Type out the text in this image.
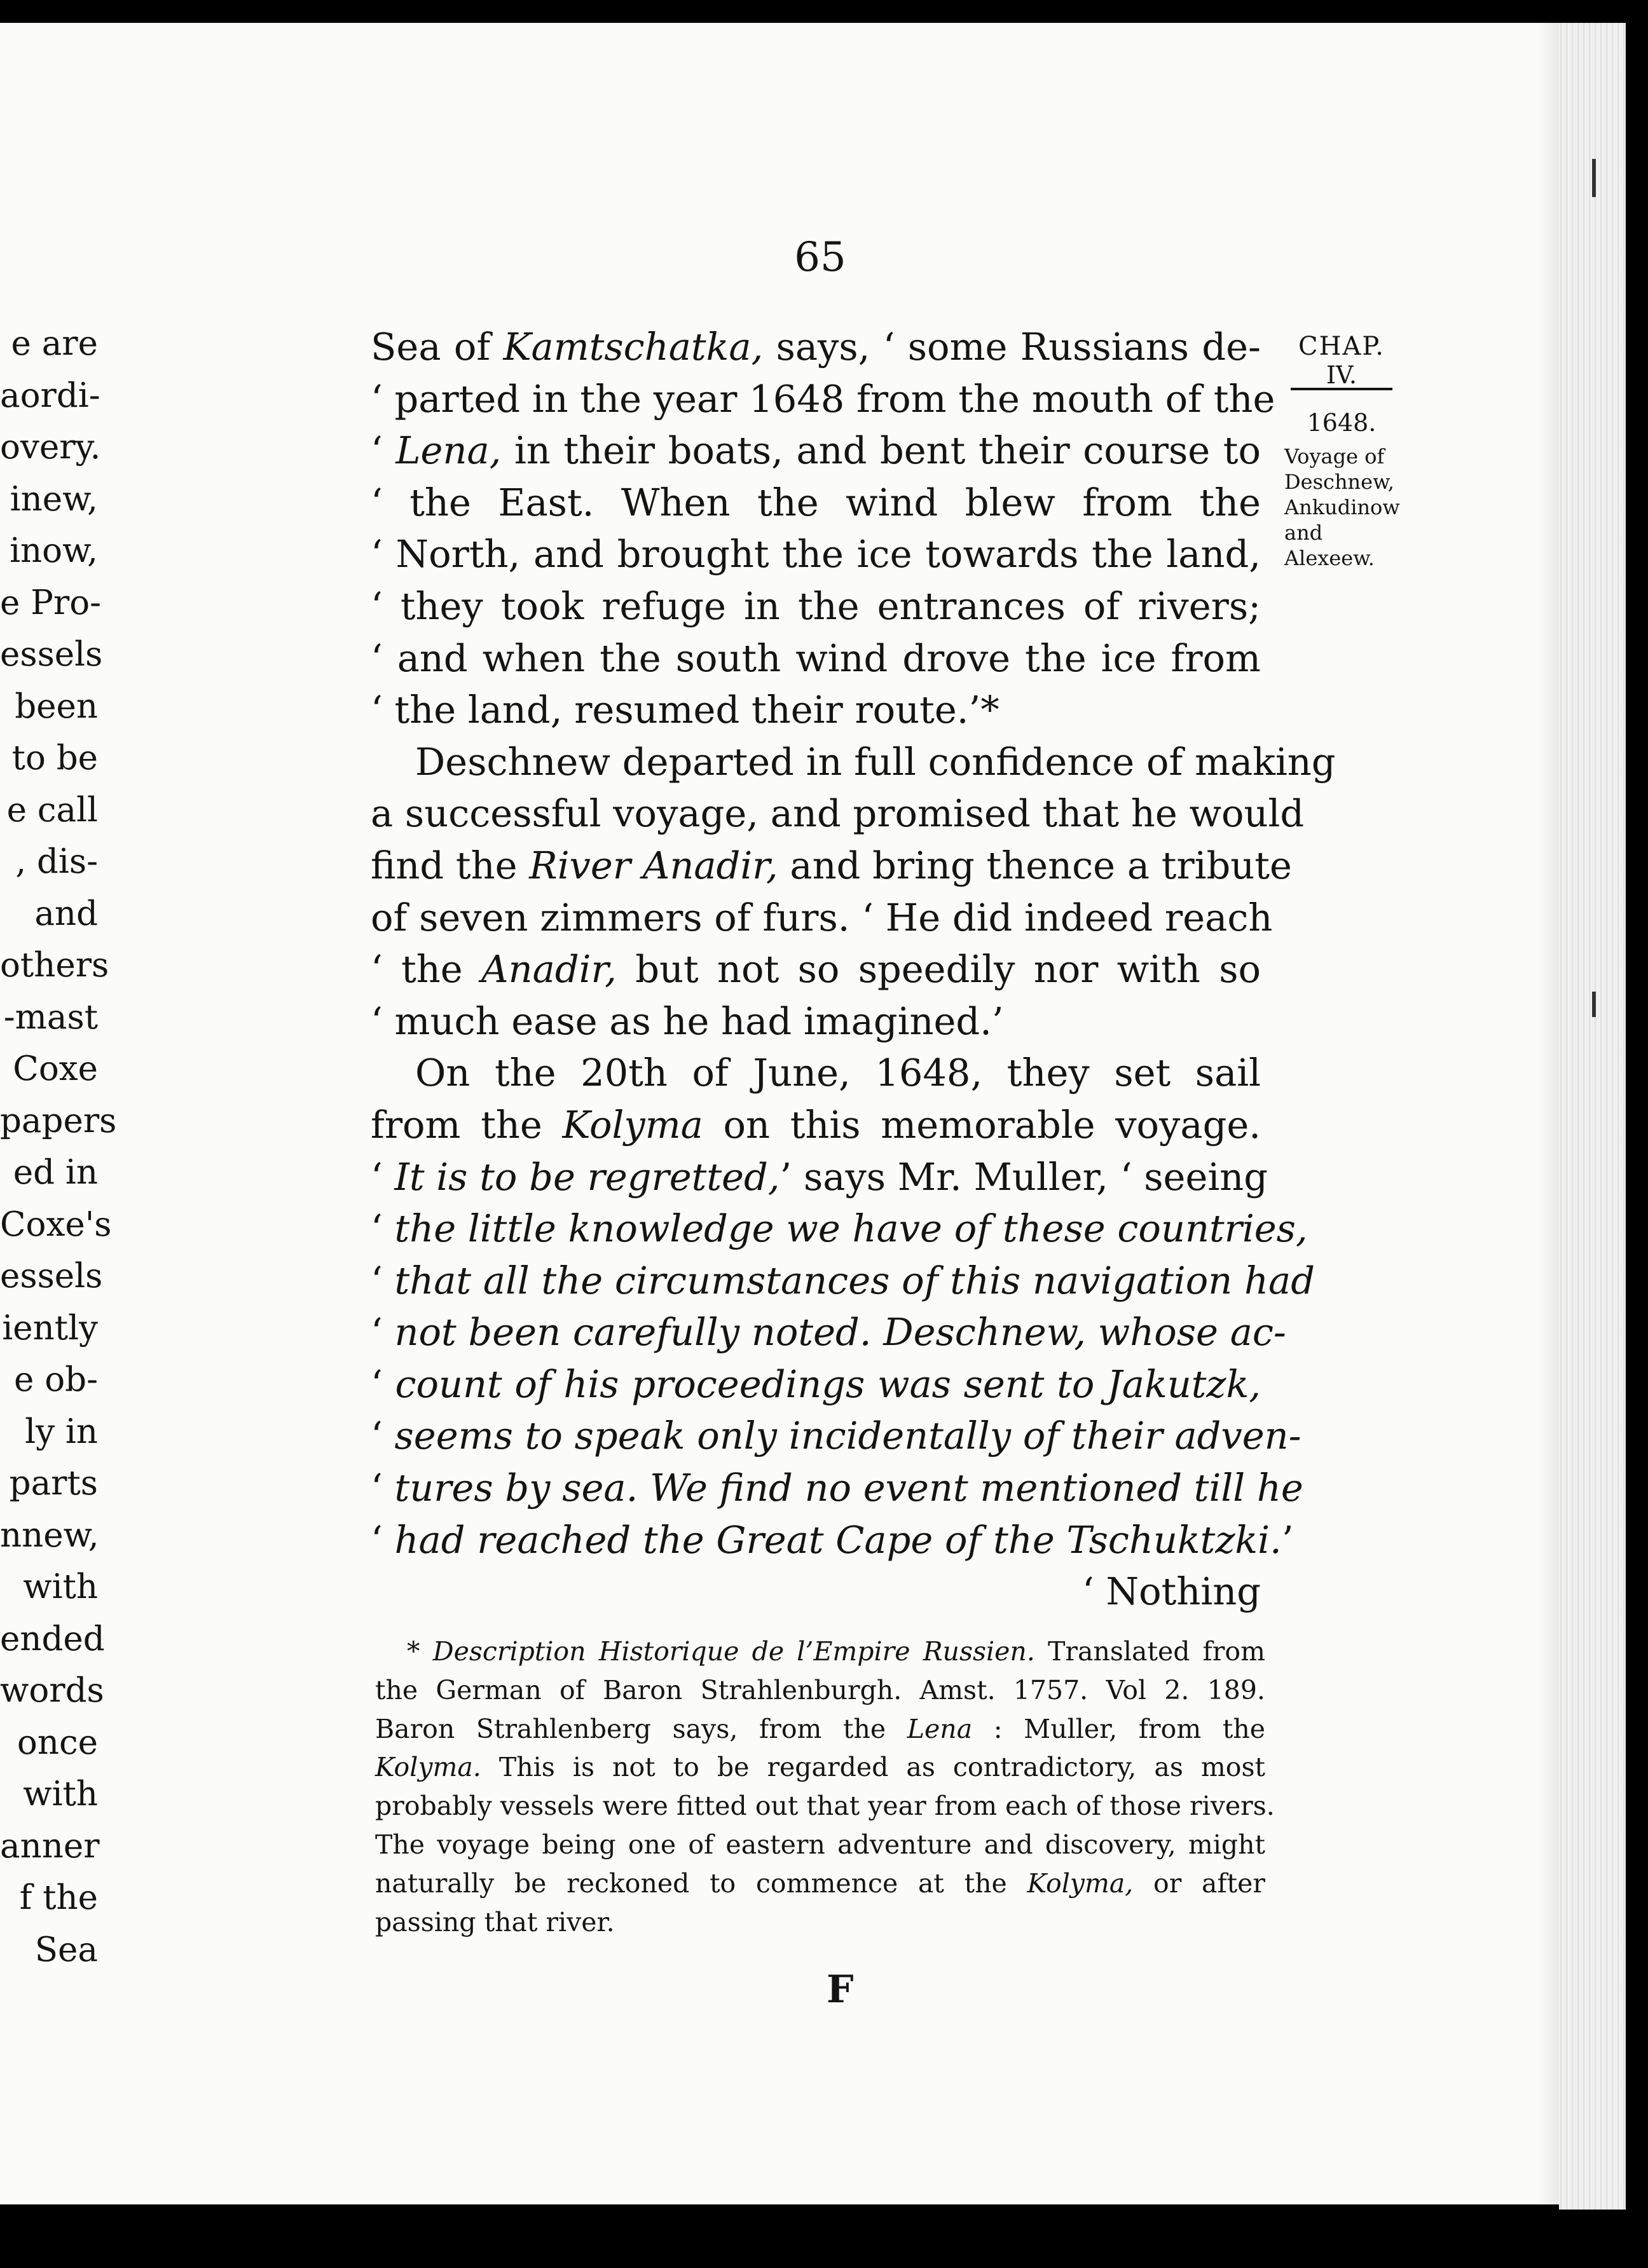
e are
aordi-
overy.
inew,
inow,
e Pro-
essels
been
to be
e call
, dis-
and
others
-mast
Coxe
papers
ed in
Coxe's
essels
iently
e ob-
ly in
parts
nnew,
with
ended
words
once
with
anner
f the
Sea
65
CHAP.
IV.
1648.
Voyage of
Deschnew,
Ankudinow
and
Alexeew.
Sea of Kamtschatka, says, ‘ some Russians de-
‘ parted in the year 1648 from the mouth of the
‘ Lena, in their boats, and bent their course to
‘ the East. When the wind blew from the
‘ North, and brought the ice towards the land,
‘ they took refuge in the entrances of rivers;
‘ and when the south wind drove the ice from
‘ the land, resumed their route.’*
Deschnew departed in full confidence of making
a successful voyage, and promised that he would
find the River Anadir, and bring thence a tribute
of seven zimmers of furs. ‘ He did indeed reach
‘ the Anadir, but not so speedily nor with so
‘ much ease as he had imagined.’
On the 20th of June, 1648, they set sail
from the Kolyma on this memorable voyage.
‘ It is to be regretted,’ says Mr. Muller, ‘ seeing
‘ the little knowledge we have of these countries,
‘ that all the circumstances of this navigation had
‘ not been carefully noted. Deschnew, whose ac-
‘ count of his proceedings was sent to Jakutzk,
‘ seems to speak only incidentally of their adven-
‘ tures by sea. We find no event mentioned till he
‘ had reached the Great Cape of the Tschuktzki.
‘ Nothing
* Description Historique de l’Empire Russien. Translated from
the German of Baron Strahlenburgh. Amst. 1757. Vol 2. 189.
Baron Strahlenberg says, from the Lena : Muller, from the
Kolyma. This is not to be regarded as contradictory, as most
probably vessels were fitted out that year from each of those rivers.
The voyage being one of eastern adventure and discovery, might
naturally be reckoned to commence at the Kolyma, or after
passing that river.
F
